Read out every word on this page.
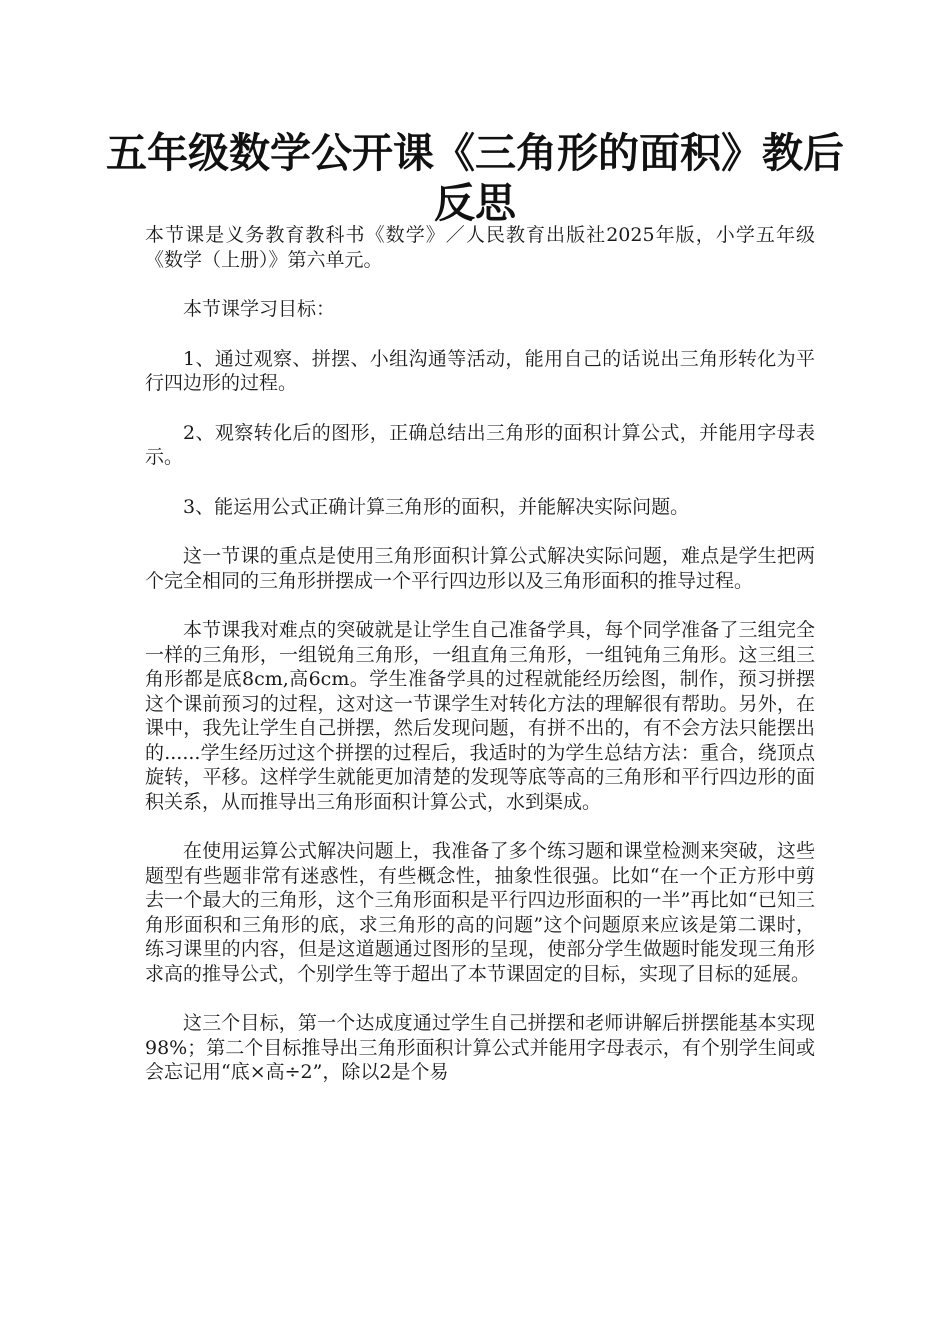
五年级数学公开课《三角形的面积》教后反思

本节课是义务教育教科书《数学》／人民教育出版社2025年版，小学五年级《数学（上册）》第六单元。

本节课学习目标：

1、通过观察、拼摆、小组沟通等活动，能用自己的话说出三角形转化为平行四边形的过程。

2、观察转化后的图形，正确总结出三角形的面积计算公式，并能用字母表示。

3、能运用公式正确计算三角形的面积，并能解决实际问题。

这一节课的重点是使用三角形面积计算公式解决实际问题，难点是学生把两个完全相同的三角形拼摆成一个平行四边形以及三角形面积的推导过程。

本节课我对难点的突破就是让学生自己准备学具，每个同学准备了三组完全一样的三角形，一组锐角三角形，一组直角三角形，一组钝角三角形。这三组三角形都是底8cm,高6cm。学生准备学具的过程就能经历绘图，制作，预习拼摆这个课前预习的过程，这对这一节课学生对转化方法的理解很有帮助。另外，在课中，我先让学生自己拼摆，然后发现问题，有拼不出的，有不会方法只能摆出的......学生经历过这个拼摆的过程后，我适时的为学生总结方法：重合，绕顶点旋转，平移。这样学生就能更加清楚的发现等底等高的三角形和平行四边形的面积关系，从而推导出三角形面积计算公式，水到渠成。

在使用运算公式解决问题上，我准备了多个练习题和课堂检测来突破，这些题型有些题非常有迷惑性，有些概念性，抽象性很强。比如“在一个正方形中剪去一个最大的三角形，这个三角形面积是平行四边形面积的一半”再比如“已知三角形面积和三角形的底，求三角形的高的问题”这个问题原来应该是第二课时，练习课里的内容，但是这道题通过图形的呈现，使部分学生做题时能发现三角形求高的推导公式，个别学生等于超出了本节课固定的目标，实现了目标的延展。

这三个目标，第一个达成度通过学生自己拼摆和老师讲解后拼摆能基本实现98%；第二个目标推导出三角形面积计算公式并能用字母表示，有个别学生间或会忘记用“底×高÷2”，除以2是个易
